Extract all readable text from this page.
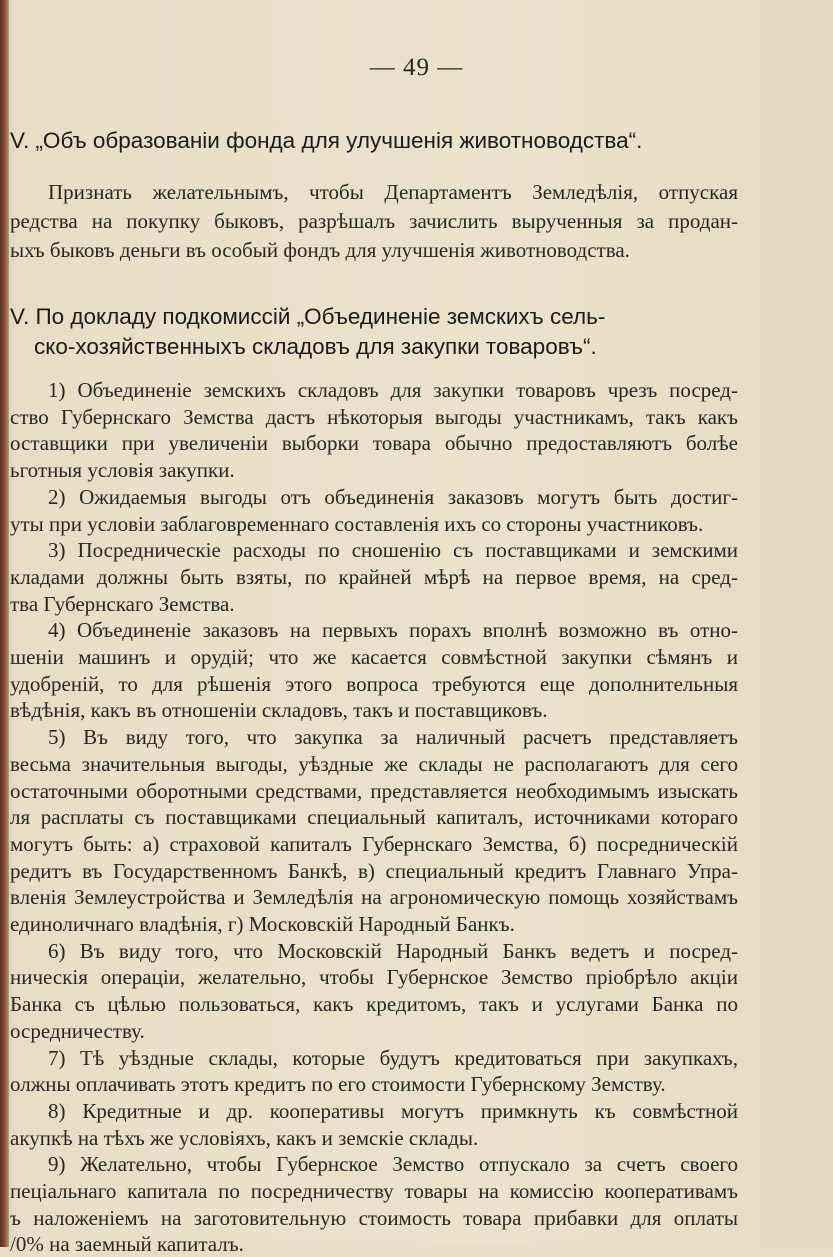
— 49 —
V. „Объ образованіи фонда для улучшенія животноводства“.
Признать желательнымъ, чтобы Департаментъ Земледѣлія, отпуская
редства на покупку быковъ, разрѣшалъ зачислить вырученныя за продан-
ыхъ быковъ деньги въ особый фондъ для улучшенія животноводства.
V. По докладу подкомиссій „Объединеніе земскихъ сель-
ско-хозяйственныхъ складовъ для закупки товаровъ“.
1) Объединеніе земскихъ складовъ для закупки товаровъ чрезъ посред-
ство Губернскаго Земства дастъ нѣкоторыя выгоды участникамъ, такъ какъ
оставщики при увеличеніи выборки товара обычно предоставляютъ болѣе
ьготныя условія закупки.
2) Ожидаемыя выгоды отъ объединенія заказовъ могутъ быть достиг-
уты при условіи заблаговременнаго составленія ихъ со стороны участниковъ.
3) Посредническіе расходы по сношенію съ поставщиками и земскими
кладами должны быть взяты, по крайней мѣрѣ на первое время, на сред-
тва Губернскаго Земства.
4) Объединеніе заказовъ на первыхъ порахъ вполнѣ возможно въ отно-
шеніи машинъ и орудій; что же касается совмѣстной закупки сѣмянъ и
удобреній, то для рѣшенія этого вопроса требуются еще дополнительныя
вѣдѣнія, какъ въ отношеніи складовъ, такъ и поставщиковъ.
5) Въ виду того, что закупка за наличный расчетъ представляетъ
весьма значительныя выгоды, уѣздные же склады не располагаютъ для сего
остаточными оборотными средствами, представляется необходимымъ изыскать
ля расплаты съ поставщиками специальный капиталъ, источниками котораго
могутъ быть: а) страховой капиталъ Губернскаго Земства, б) посредническій
редитъ въ Государственномъ Банкѣ, в) специальный кредитъ Главнаго Упра-
вленія Землеустройства и Земледѣлія на агрономическую помощь хозяйствамъ
единоличнаго владѣнія, г) Московскій Народный Банкъ.
6) Въ виду того, что Московскій Народный Банкъ ведетъ и посред-
ническія операціи, желательно, чтобы Губернское Земство пріобрѣло акціи
Банка съ цѣлью пользоваться, какъ кредитомъ, такъ и услугами Банка по
осредничеству.
7) Тѣ уѣздные склады, которые будутъ кредитоваться при закупкахъ,
олжны оплачивать этотъ кредитъ по его стоимости Губернскому Земству.
8) Кредитные и др. кооперативы могутъ примкнуть къ совмѣстной
акупкѣ на тѣхъ же условіяхъ, какъ и земскіе склады.
9) Желательно, чтобы Губернское Земство отпускало за счетъ своего
пеціальнаго капитала по посредничеству товары на комиссію кооперативамъ
ъ наложеніемъ на заготовительную стоимость товара прибавки для оплаты
/0% на заемный капиталъ.
